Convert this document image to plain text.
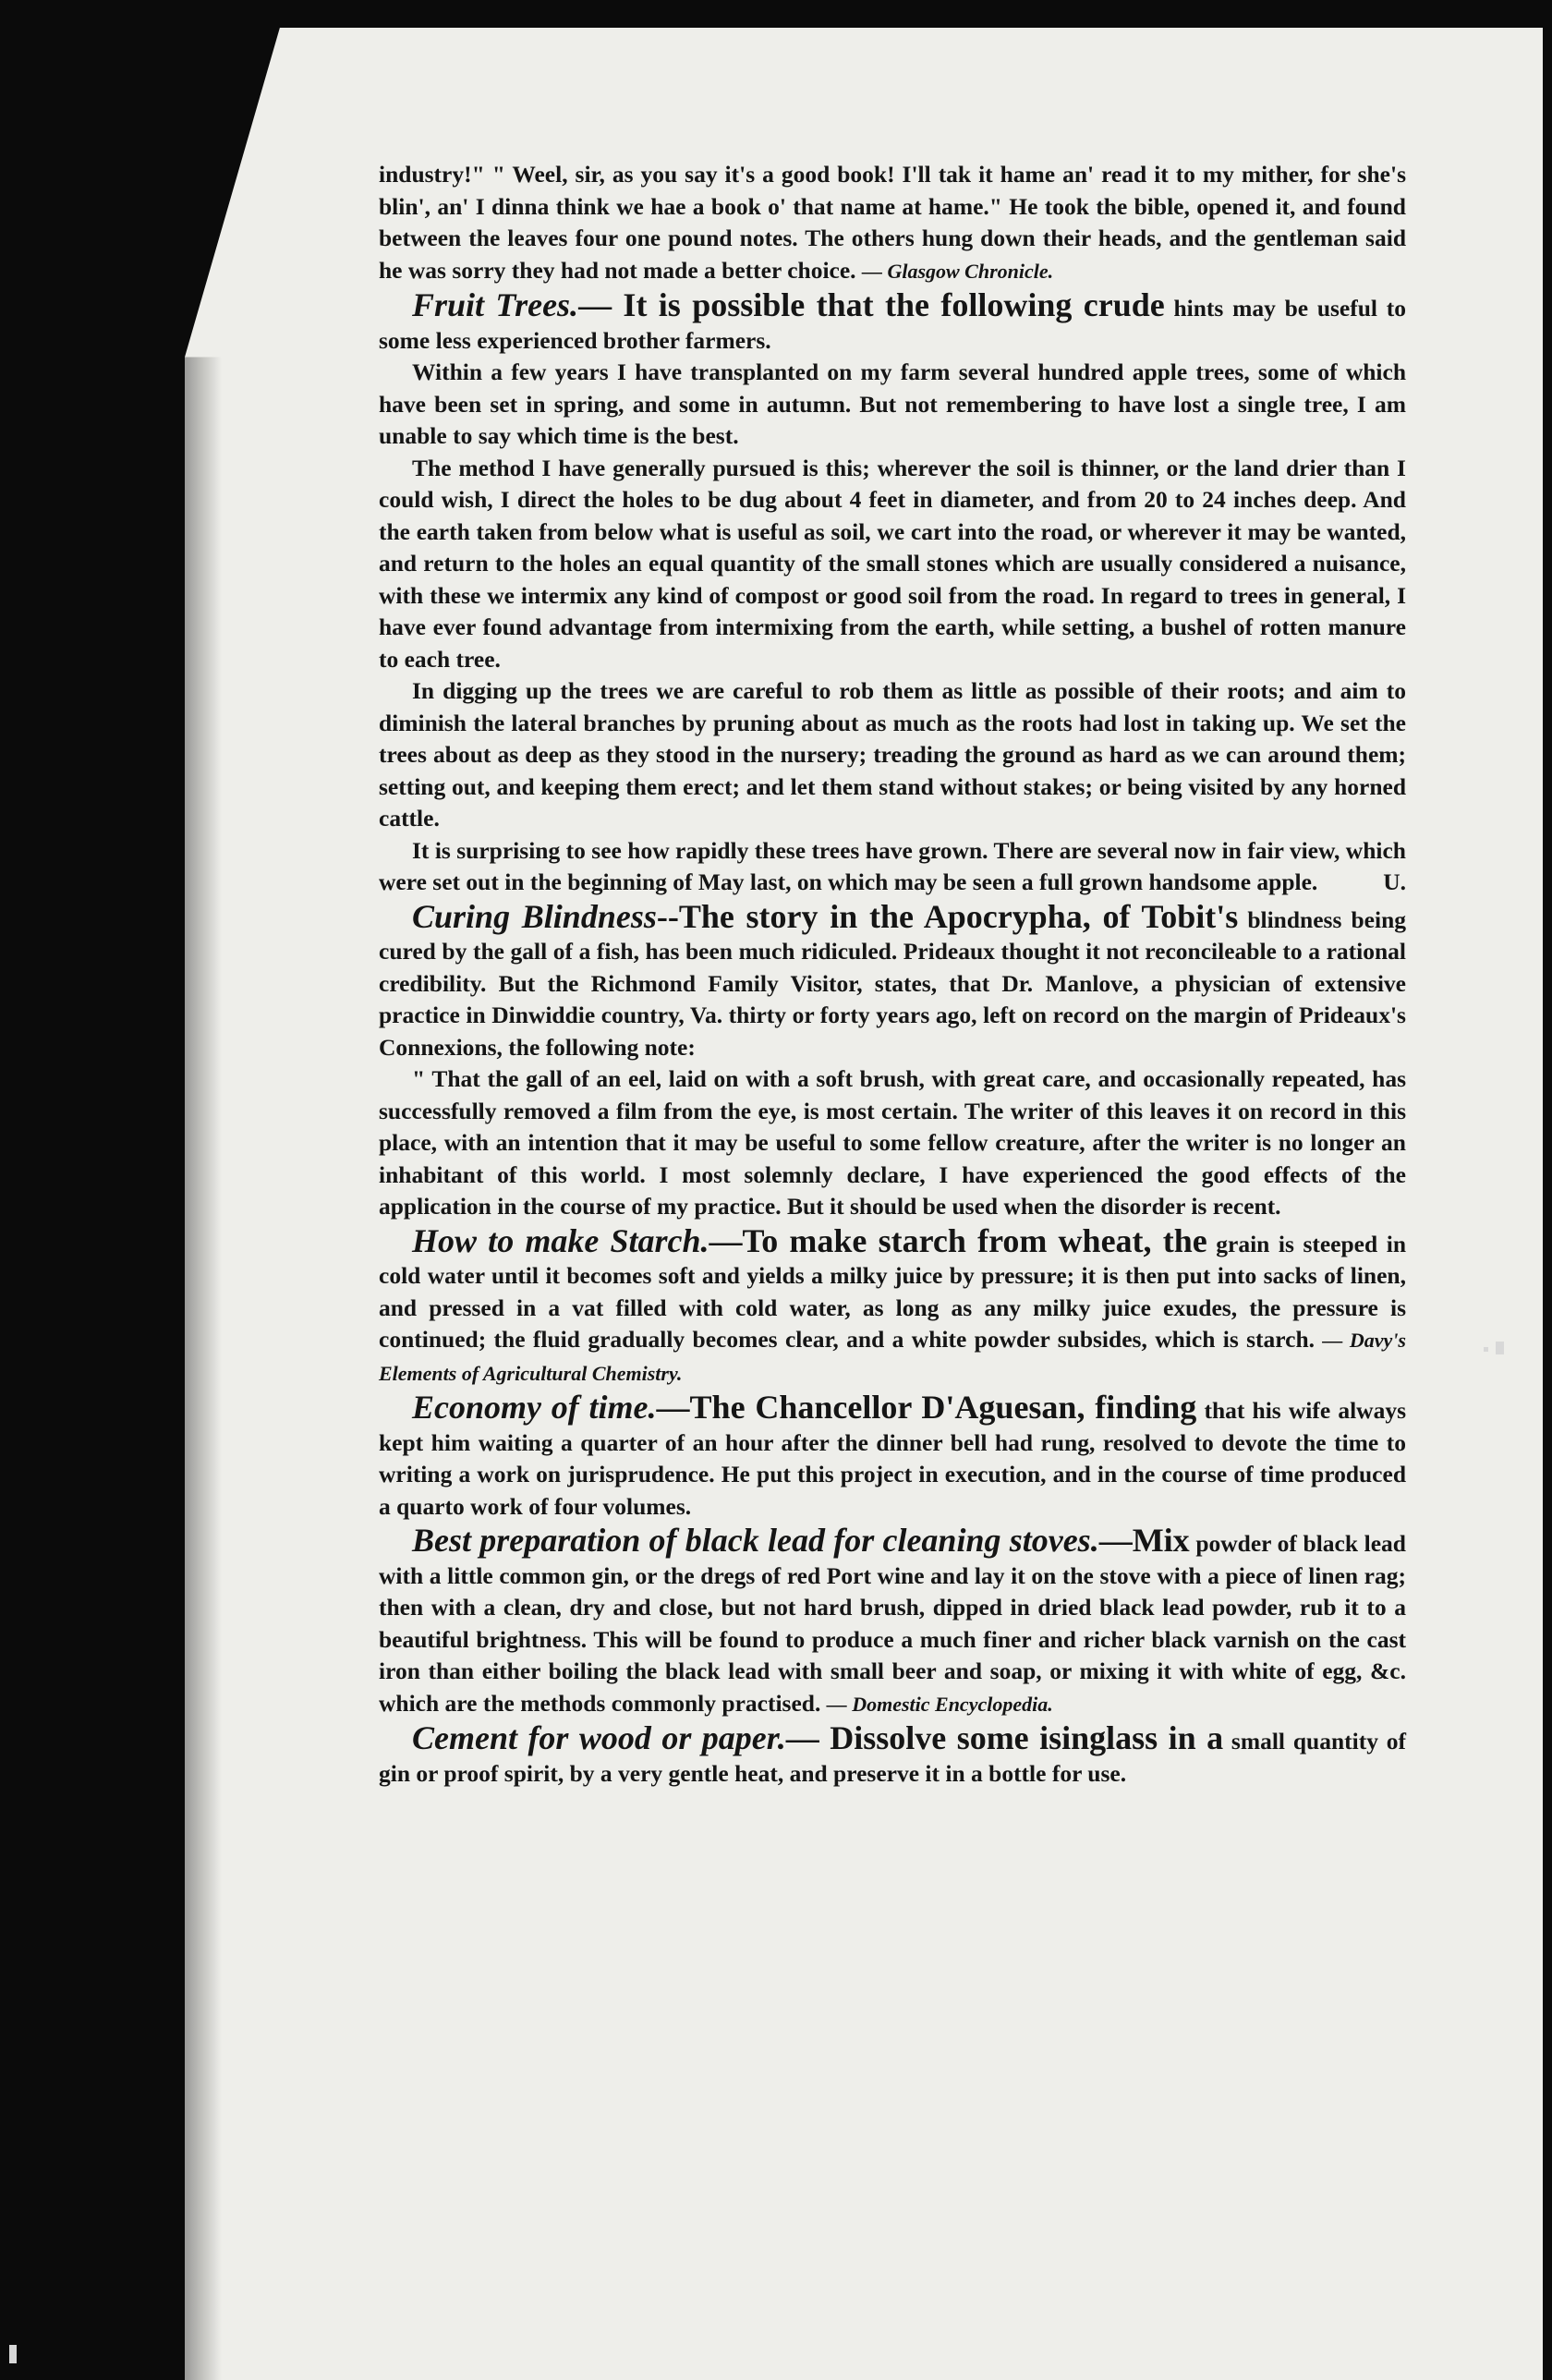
industry!" " Weel, sir, as you say it's a good book! I'll tak it hame an' read it to my mither, for she's blin', an' I dinna think we hae a book o' that name at hame." He took the bible, opened it, and found between the leaves four one pound notes. The others hung down their heads, and the gentleman said he was sorry they had not made a better choice. — Glasgow Chronicle.

Fruit Trees.— It is possible that the following crude hints may be useful to some less experienced brother farmers.

Within a few years I have transplanted on my farm several hundred apple trees, some of which have been set in spring, and some in autumn. But not remembering to have lost a single tree, I am unable to say which time is the best.

The method I have generally pursued is this; wherever the soil is thinner, or the land drier than I could wish, I direct the holes to be dug about 4 feet in diameter, and from 20 to 24 inches deep. And the earth taken from below what is useful as soil, we cart into the road, or wherever it may be wanted, and return to the holes an equal quantity of the small stones which are usually considered a nuisance, with these we intermix any kind of compost or good soil from the road. In regard to trees in general, I have ever found advantage from intermixing from the earth, while setting, a bushel of rotten manure to each tree.

In digging up the trees we are careful to rob them as little as possible of their roots; and aim to diminish the lateral branches by pruning about as much as the roots had lost in taking up. We set the trees about as deep as they stood in the nursery; treading the ground as hard as we can around them; setting out, and keeping them erect; and let them stand without stakes; or being visited by any horned cattle.

It is surprising to see how rapidly these trees have grown. There are several now in fair view, which were set out in the beginning of May last, on which may be seen a full grown handsome apple.	U.

Curing Blindness--The story in the Apocrypha, of Tobit's blindness being cured by the gall of a fish, has been much ridiculed. Prideaux thought it not reconcileable to a rational credibility. But the Richmond Family Visitor, states, that Dr. Manlove, a physician of extensive practice in Dinwiddie country, Va. thirty or forty years ago, left on record on the margin of Prideaux's Connexions, the following note:

" That the gall of an eel, laid on with a soft brush, with great care, and occasionally repeated, has successfully removed a film from the eye, is most certain. The writer of this leaves it on record in this place, with an intention that it may be useful to some fellow creature, after the writer is no longer an inhabitant of this world. I most solemnly declare, I have experienced the good effects of the application in the course of my practice. But it should be used when the disorder is recent.

How to make Starch.—To make starch from wheat, the grain is steeped in cold water until it becomes soft and yields a milky juice by pressure; it is then put into sacks of linen, and pressed in a vat filled with cold water, as long as any milky juice exudes, the pressure is continued; the fluid gradually becomes clear, and a white powder subsides, which is starch. — Davy's Elements of Agricultural Chemistry.

Economy of time.—The Chancellor D'Aguesan, finding that his wife always kept him waiting a quarter of an hour after the dinner bell had rung, resolved to devote the time to writing a work on jurisprudence. He put this project in execution, and in the course of time produced a quarto work of four volumes.

Best preparation of black lead for cleaning stoves.—Mix powder of black lead with a little common gin, or the dregs of red Port wine and lay it on the stove with a piece of linen rag; then with a clean, dry and close, but not hard brush, dipped in dried black lead powder, rub it to a beautiful brightness. This will be found to produce a much finer and richer black varnish on the cast iron than either boiling the black lead with small beer and soap, or mixing it with white of egg, &c. which are the methods commonly practised. — Domestic Encyclopedia.

Cement for wood or paper.— Dissolve some isinglass in a small quantity of gin or proof spirit, by a very gentle heat, and preserve it in a bottle for use.
